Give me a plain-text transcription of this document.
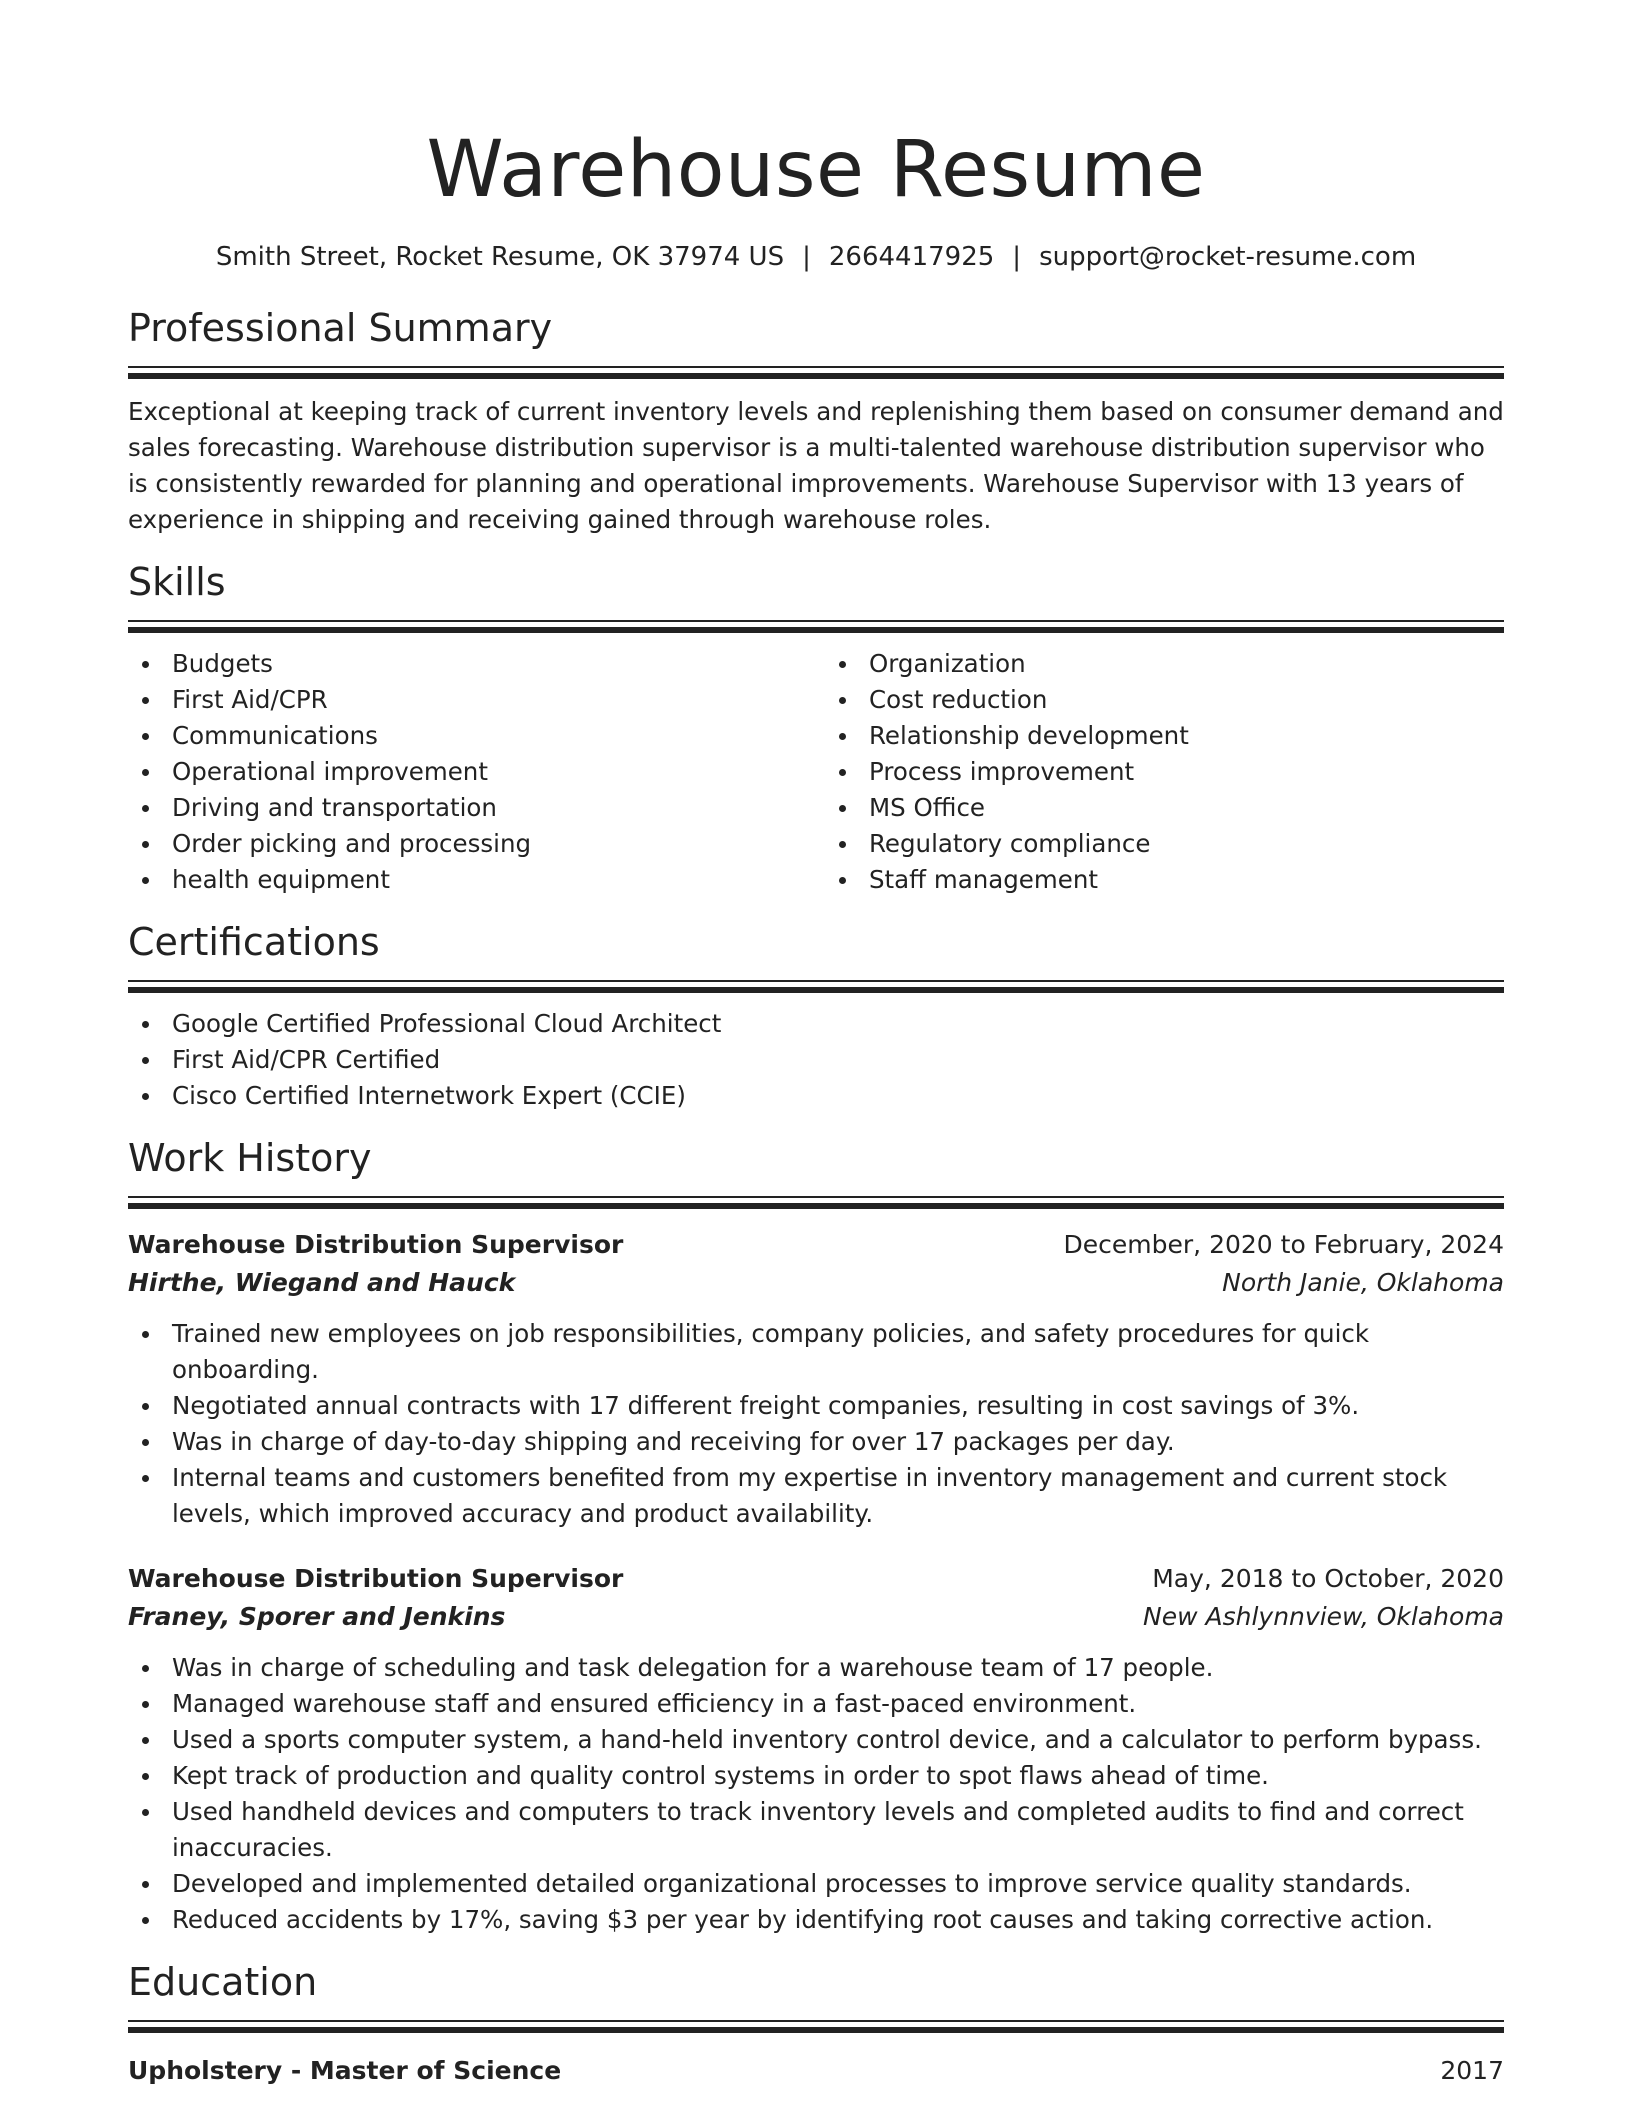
Warehouse Resume
Smith Street, Rocket Resume, OK 37974 US | 2664417925 | support@rocket-resume.com
Professional Summary

Exceptional at keeping track of current inventory levels and replenishing them based on consumer demand and sales forecasting. Warehouse distribution supervisor is a multi-talented warehouse distribution supervisor who is consistently rewarded for planning and operational improvements. Warehouse Supervisor with 13 years of experience in shipping and receiving gained through warehouse roles.

Skills
Budgets
First Aid/CPR
Communications
Operational improvement
Driving and transportation
Order picking and processing
health equipment
Organization
Cost reduction
Relationship development
Process improvement
MS Office
Regulatory compliance
Staff management
Certifications
Google Certified Professional Cloud Architect
First Aid/CPR Certified
Cisco Certified Internetwork Expert (CCIE)
Work History
Warehouse Distribution Supervisor	December, 2020 to February, 2024
Hirthe, Wiegand and Hauck	North Janie, Oklahoma
Trained new employees on job responsibilities, company policies, and safety procedures for quick onboarding.
Negotiated annual contracts with 17 different freight companies, resulting in cost savings of 3%.
Was in charge of day-to-day shipping and receiving for over 17 packages per day.
Internal teams and customers benefited from my expertise in inventory management and current stock levels, which improved accuracy and product availability.
Warehouse Distribution Supervisor	May, 2018 to October, 2020
Franey, Sporer and Jenkins	New Ashlynnview, Oklahoma
Was in charge of scheduling and task delegation for a warehouse team of 17 people.
Managed warehouse staff and ensured efficiency in a fast-paced environment.
Used a sports computer system, a hand-held inventory control device, and a calculator to perform bypass.
Kept track of production and quality control systems in order to spot flaws ahead of time.
Used handheld devices and computers to track inventory levels and completed audits to find and correct inaccuracies.
Developed and implemented detailed organizational processes to improve service quality standards.
Reduced accidents by 17%, saving $3 per year by identifying root causes and taking corrective action.
Education
Upholstery - Master of Science	2017
